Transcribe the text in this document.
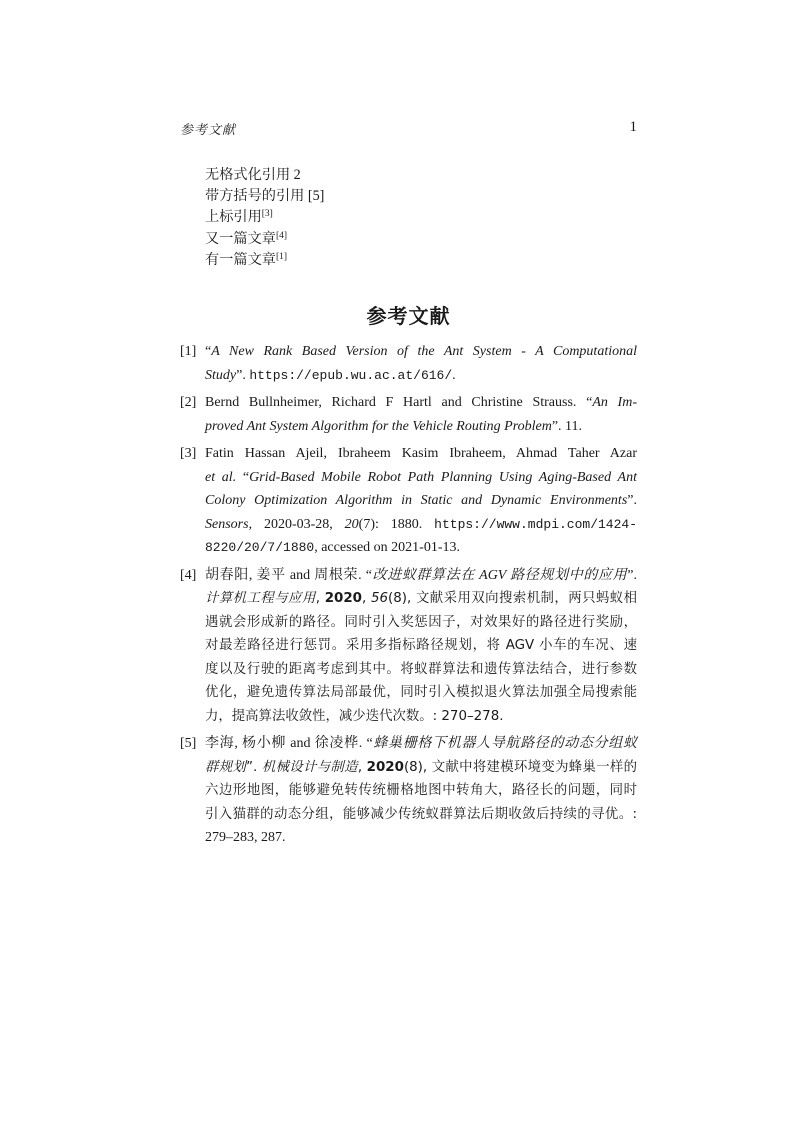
参考文献	1
无格式化引用 2
带方括号的引用 [5]
上标引用[3]
又一篇文章[4]
有一篇文章[1]
参考文献
[1] “A New Rank Based Version of the Ant System - A Computational
Study”. https://epub.wu.ac.at/616/.
[2] Bernd Bullnheimer, Richard F Hartl and Christine Strauss. “An Im-
proved Ant System Algorithm for the Vehicle Routing Problem”. 11.
[3] Fatin Hassan Ajeil, Ibraheem Kasim Ibraheem, Ahmad Taher Azar
et al. “Grid-Based Mobile Robot Path Planning Using Aging-Based Ant
Colony Optimization Algorithm in Static and Dynamic Environments”.
Sensors, 2020-03-28, 20(7): 1880. https://www.mdpi.com/1424-
8220/20/7/1880, accessed on 2021-01-13.
[4] 胡春阳, 姜平 and 周根荣. “改进蚁群算法在 AGV 路径规划中的应用”.
计算机工程与应用, 2020, 56(8), 文献采用双向搜索机制，两只蚂蚁相
遇就会形成新的路径。同时引入奖惩因子，对效果好的路径进行奖励，
对最差路径进行惩罚。采用多指标路径规划，将 AGV 小车的车况、速
度以及行驶的距离考虑到其中。将蚁群算法和遗传算法结合，进行参数
优化，避免遗传算法局部最优，同时引入模拟退火算法加强全局搜索能
力，提高算法收敛性，减少迭代次数。: 270–278.
[5] 李海, 杨小柳 and 徐凌桦. “蜂巢栅格下机器人导航路径的动态分组蚁
群规划”. 机械设计与制造, 2020(8), 文献中将建模环境变为蜂巢一样的
六边形地图，能够避免转传统栅格地图中转角大，路径长的问题，同时
引入猫群的动态分组，能够减少传统蚁群算法后期收敛后持续的寻优。:
279–283, 287.
